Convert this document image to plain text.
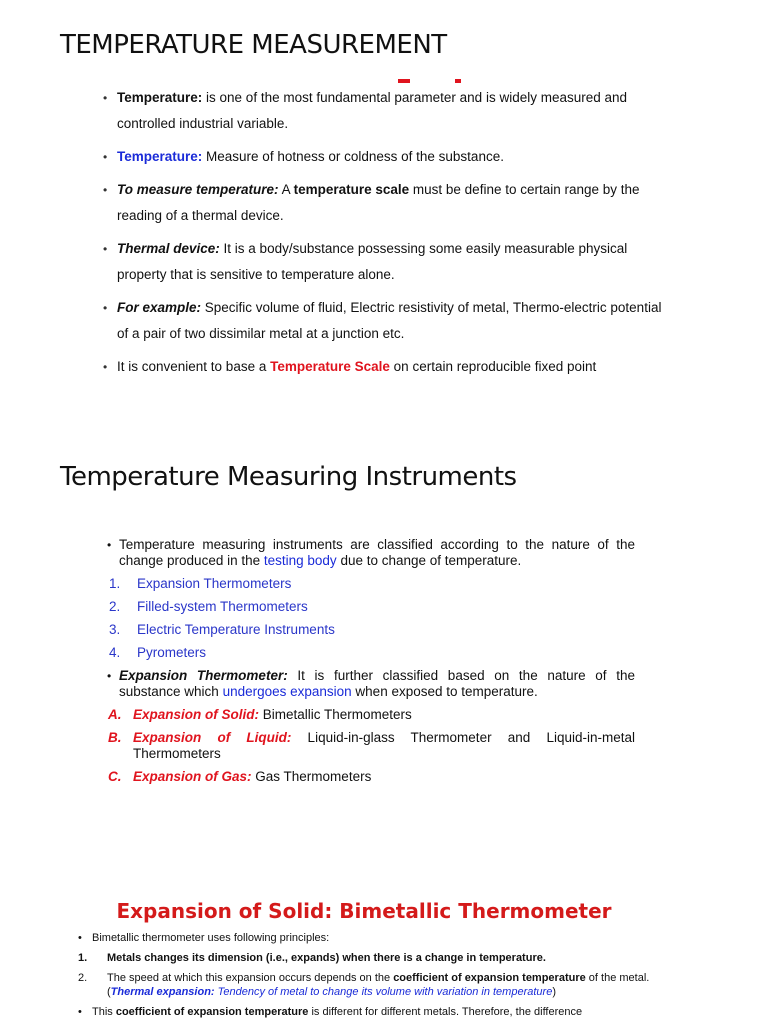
TEMPERATURE MEASUREMENT
• Temperature: is one of the most fundamental parameter and is widely measured and controlled industrial variable.
• Temperature: Measure of hotness or coldness of the substance.
• To measure temperature: A temperature scale must be define to certain range by the reading of a thermal device.
• Thermal device: It is a body/substance possessing some easily measurable physical property that is sensitive to temperature alone.
• For example: Specific volume of fluid, Electric resistivity of metal, Thermo-electric potential of a pair of two dissimilar metal at a junction etc.
• It is convenient to base a Temperature Scale on certain reproducible fixed point
Temperature Measuring Instruments
• Temperature measuring instruments are classified according to the nature of the change produced in the testing body due to change of temperature.
1. Expansion Thermometers
2. Filled-system Thermometers
3. Electric Temperature Instruments
4. Pyrometers
• Expansion Thermometer: It is further classified based on the nature of the substance which undergoes expansion when exposed to temperature.
A. Expansion of Solid: Bimetallic Thermometers
B. Expansion of Liquid: Liquid-in-glass Thermometer and Liquid-in-metal Thermometers
C. Expansion of Gas: Gas Thermometers
Expansion of Solid: Bimetallic Thermometer
• Bimetallic thermometer uses following principles:
1. Metals changes its dimension (i.e., expands) when there is a change in temperature.
2. The speed at which this expansion occurs depends on the coefficient of expansion temperature of the metal. (Thermal expansion: Tendency of metal to change its volume with variation in temperature)
• This coefficient of expansion temperature is different for different metals. Therefore, the difference
